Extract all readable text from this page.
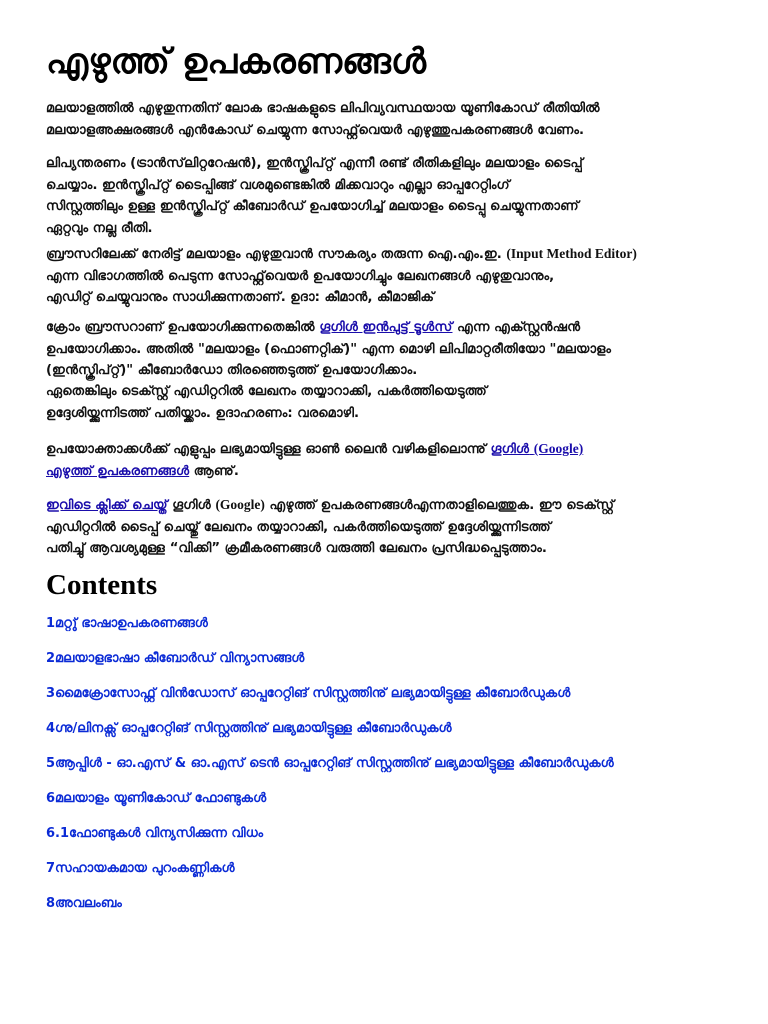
എഴുത്ത് ഉപകരണങ്ങൾ

മലയാളത്തിൽ എഴുതുന്നതിന് ലോക ഭാഷകളുടെ ലിപിവ്യവസ്ഥയായ യൂണികോഡ് രീതിയിൽ
മലയാളഅക്ഷരങ്ങൾ എൻകോഡ് ചെയ്യുന്ന സോഫ്റ്റ്‌വെയർ എഴുത്തുപകരണങ്ങൾ വേണം.

ലിപ്യന്തരണം (ട്രാൻസ്‌ലിറ്ററേഷൻ), ഇൻസ്ക്രിപ്റ്റ് എന്നീ രണ്ട് രീതികളിലും മലയാളം ടൈപ്പ്
ചെയ്യാം. ഇൻസ്ക്രിപ്റ്റ് ടൈപ്പിങ്ങ് വശമുണ്ടെങ്കിൽ മിക്കവാറും എല്ലാ ഓപ്പറേറ്റിംഗ്
സിസ്റ്റത്തിലും ഉള്ള ഇൻസ്ക്രിപ്റ്റ് കീബോർഡ് ഉപയോഗിച്ച് മലയാളം ടൈപ്പു ചെയ്യുന്നതാണ്
ഏറ്റവും നല്ല രീതി.

ബ്രൗസറിലേക്ക് നേരിട്ട് മലയാളം എഴുതുവാൻ സൗകര്യം തരുന്ന ഐ.എം.ഇ. (Input Method Editor)
എന്ന വിഭാഗത്തിൽ പെടുന്ന സോഫ്റ്റ്‌വെയർ ഉപയോഗിച്ചും ലേഖനങ്ങൾ എഴുതുവാനും,
എഡിറ്റ് ചെയ്യുവാനും സാധിക്കുന്നതാണ്. ഉദാ: കീമാൻ, കീമാജിക്

ക്രോം ബ്രൗസറാണ് ഉപയോഗിക്കുന്നതെങ്കിൽ ഗൂഗിൾ ഇൻപുട്ട് ടൂൾസ് എന്ന എക്സ്റ്റൻഷൻ
ഉപയോഗിക്കാം. അതിൽ "മലയാളം (ഫൊണറ്റിക്)" എന്ന മൊഴി ലിപിമാറ്റരീതിയോ "മലയാളം
(ഇൻസ്ക്രിപ്റ്റ്)" കീബോർഡോ തിരഞ്ഞെടുത്ത് ഉപയോഗിക്കാം.

ഏതെങ്കിലും ടെക്സ്റ്റ് എഡിറ്ററിൽ ലേഖനം തയ്യാറാക്കി, പകർത്തിയെടുത്ത്
ഉദ്ദേശിയ്ക്കുന്നിടത്ത് പതിയ്ക്കാം. ഉദാഹരണം: വരമൊഴി.

ഉപയോക്താക്കൾക്ക് എളുപ്പം ലഭ്യമായിട്ടുള്ള ഓൺ ലൈൻ വഴികളിലൊന്നു് ഗൂഗിൾ (Google)
എഴുത്ത് ഉപകരണങ്ങൾ ആണു്.

ഇവിടെ ക്ലിക്ക് ചെയ്ത് ഗൂഗിൾ (Google) എഴുത്ത് ഉപകരണങ്ങൾഎന്നതാളിലെത്തുക. ഈ ടെക്സ്റ്റ്
എഡിറ്ററിൽ ടൈപ്പ് ചെയ്തു് ലേഖനം തയ്യാറാക്കി, പകർത്തിയെടുത്ത് ഉദ്ദേശിയ്ക്കുന്നിടത്ത്
പതിച്ചു് ആവശ്യമുള്ള “വിക്കി” ക്രമീകരണങ്ങൾ വരുത്തി ലേഖനം പ്രസിദ്ധപ്പെടുത്താം.

Contents
1മറ്റു് ഭാഷാഉപകരണങ്ങൾ
2മലയാളഭാഷാ കീബോർഡ് വിന്യാസങ്ങൾ
3മൈക്രോസോഫ്റ്റ് വിൻഡോസ് ഓപ്പറേറ്റിങ് സിസ്റ്റത്തിനു് ലഭ്യമായിട്ടുള്ള കീബോർഡുകൾ
4ഗ്നു/ലിനക്സ് ഓപ്പറേറ്റിങ് സിസ്റ്റത്തിനു് ലഭ്യമായിട്ടുള്ള കീബോർഡുകൾ
5ആപ്പിൾ - ഓ.എസ് & ഓ.എസ് ടെൻ ഓപ്പറേറ്റിങ് സിസ്റ്റത്തിനു് ലഭ്യമായിട്ടുള്ള കീബോർഡുകൾ
6മലയാളം യൂണികോഡ് ഫോണ്ടുകൾ
6.1ഫോണ്ടുകൾ വിന്യസിക്കുന്ന വിധം
7സഹായകമായ പുറംകണ്ണികൾ
8അവലംബം
